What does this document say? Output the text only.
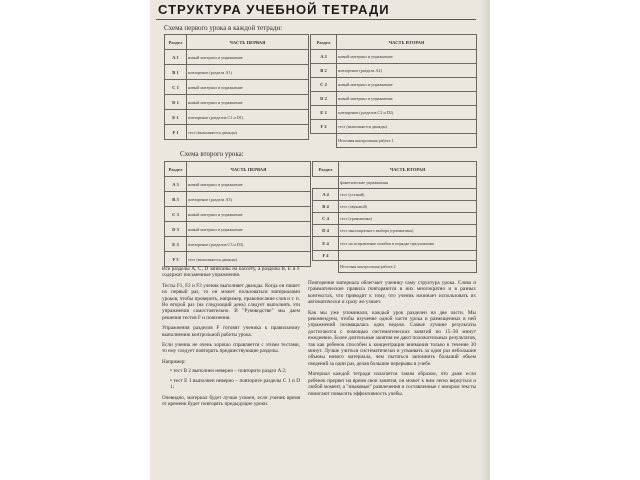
СТРУКТУРА УЧЕБНОЙ ТЕТРАДИ
Схема первого урока в каждой тетради:
Раздел	ЧАСТЬ ПЕРВАЯ
A 1	новый материал и упражнение
B 1	повторение (раздела A1)
C 1	новый материал и упражнение
D 1	новый материал и упражнение
E 1	повторение (разделов C1 и D1)
F 1	тест (выполняется дважды)
Раздел	ЧАСТЬ ВТОРАЯ
A 2	новый материал и упражнение
B 2	повторение (раздела A2)
C 2	новый материал и упражнение
D 2	новый материал и упражнение
E 2	повторение (разделов C2 и D2)
F 2	тест (выполняется дважды)
	Итоговая контрольная работа 1
Схема второго урока:
Раздел	ЧАСТЬ ПЕРВАЯ
A 3	новый материал и упражнение
B 3	повторение (раздела A3)
C 3	новый материал и упражнение
D 3	новый материал и упражнение
E 3	повторение (разделов C3 и D3)
F 3	тест (выполняется дважды)
Раздел	ЧАСТЬ ВТОРАЯ
	фонетические упражнения
A 4	тест (устный)
B 4	тест (звуковой)
C 4	тест (грамматика)
D 4	тест многократного выбора (грамматика)
E 4	тест на исправление ошибок в порядке предложения
F 4	
	Итоговая контрольная работа 2
Все разделы A, C, D записаны на кассету, а разделы B, E и F содержат письменные упражнения.
Тесты F1, F2 и F3 ученик выполняет дважды. Когда он пишет их первый раз, то он может пользоваться материалами уроков, чтобы проверить, например, правописание слов и т. п. Во второй раз (на следующий день) следует выполнять эти упражнения самостоятельно. В "Руководстве" мы даем решения тестов F и пояснения.
Упражнения разделов F готовят ученика к правильному выполнению контрольной работы урока.
Если ученик не очень хорошо справляется с этими тестами, то ему следует повторить предшествующие разделы.
Например:
• тест B 2 выполнен неверно – повторите раздел A 2;
• тест E 1 выполнен неверно – повторите разделы C 1 и D 1;
Очевидно, материал будет лучше усвоен, если ученик время от времени будет повторять предыдущие уроки.
Повторение материала облегчает ученику саму структура урока. Слова и грамматические правила повторяются в них многократно и в разных контекстах, что приводит к тому, что ученик начинает использовать их автоматически и сразу же узнает.
Как мы уже упоминали, каждый урок разделен на две части. Мы рекомендуем, чтобы изучение одной части урока и размещенных в ней упражнений посвящалась одна неделя. Самые лучшие результаты достигаются с помощью систематических занятий по 15–30 минут ежедневно. Более длительные занятия не дают положительных результатов, так как ребенок способен к концентрации внимания только в течение 30 минут. Лучше учиться систематически и усваивать за один раз небольшие объемы нового материала, чем пытаться запомнить больший объем сведений за один раз, делая большие перерывы в учебе.
Материал каждой тетради излагается таким образом, что даже если ребенок прервет на время свои занятия, он может к ним легко вернуться и любой момент, а "языковые" развлечения и составленные с юмором тексты помогают повысить эффективность учебы.
